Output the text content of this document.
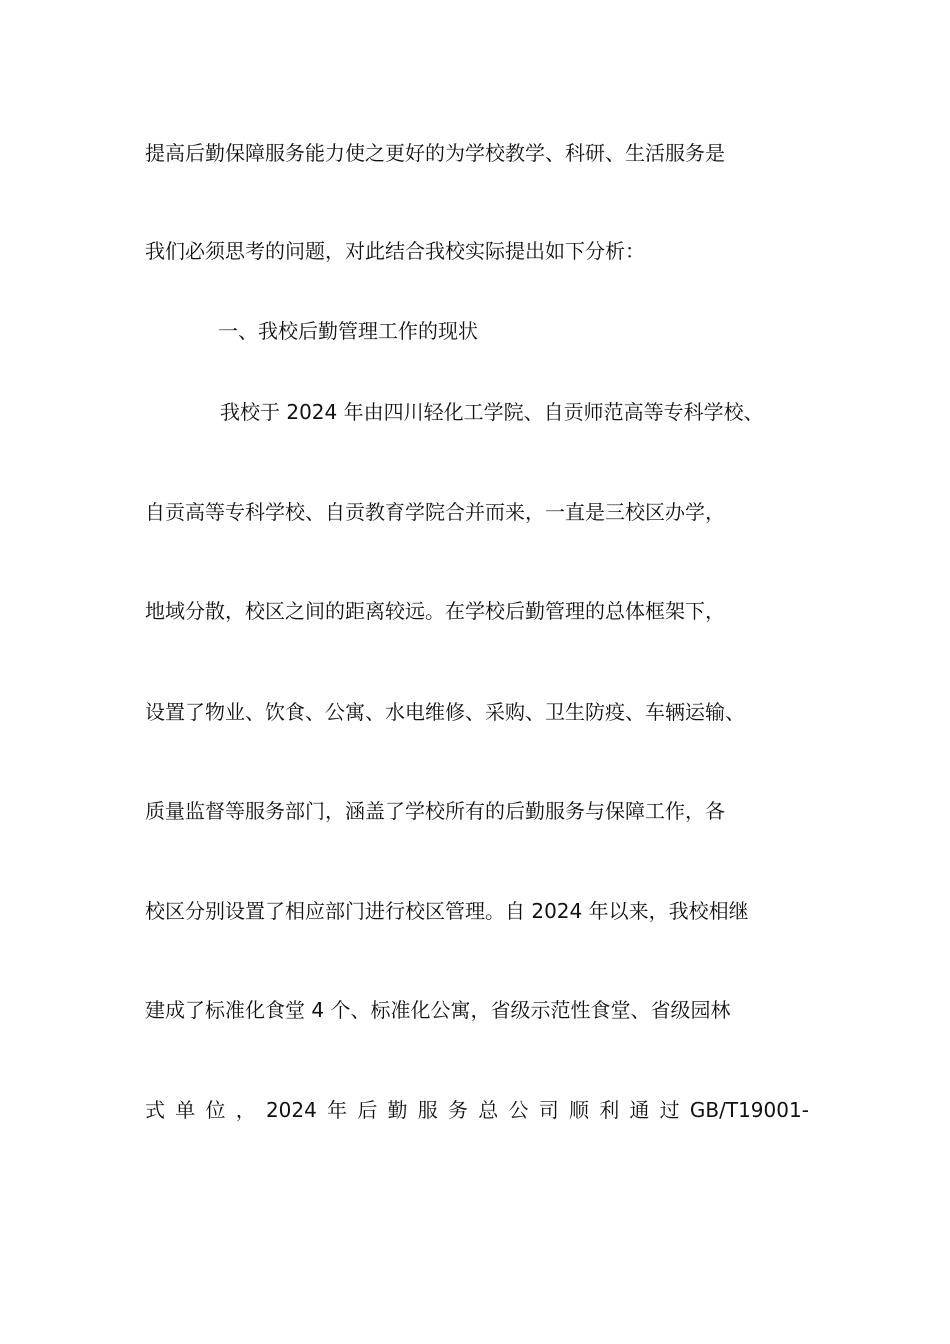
提高后勤保障服务能力使之更好的为学校教学、科研、生活服务是
我们必须思考的问题，对此结合我校实际提出如下分析：
一、我校后勤管理工作的现状
我校于 2024 年由四川轻化工学院、自贡师范高等专科学校、
自贡高等专科学校、自贡教育学院合并而来，一直是三校区办学，
地域分散，校区之间的距离较远。在学校后勤管理的总体框架下，
设置了物业、饮食、公寓、水电维修、采购、卫生防疫、车辆运输、
质量监督等服务部门，涵盖了学校所有的后勤服务与保障工作，各
校区分别设置了相应部门进行校区管理。自 2024 年以来，我校相继
建成了标准化食堂 4 个、标准化公寓，省级示范性食堂、省级园林
式 单 位 ， 2024 年 后 勤 服 务 总 公 司 顺 利 通 过 GB/T19001-
